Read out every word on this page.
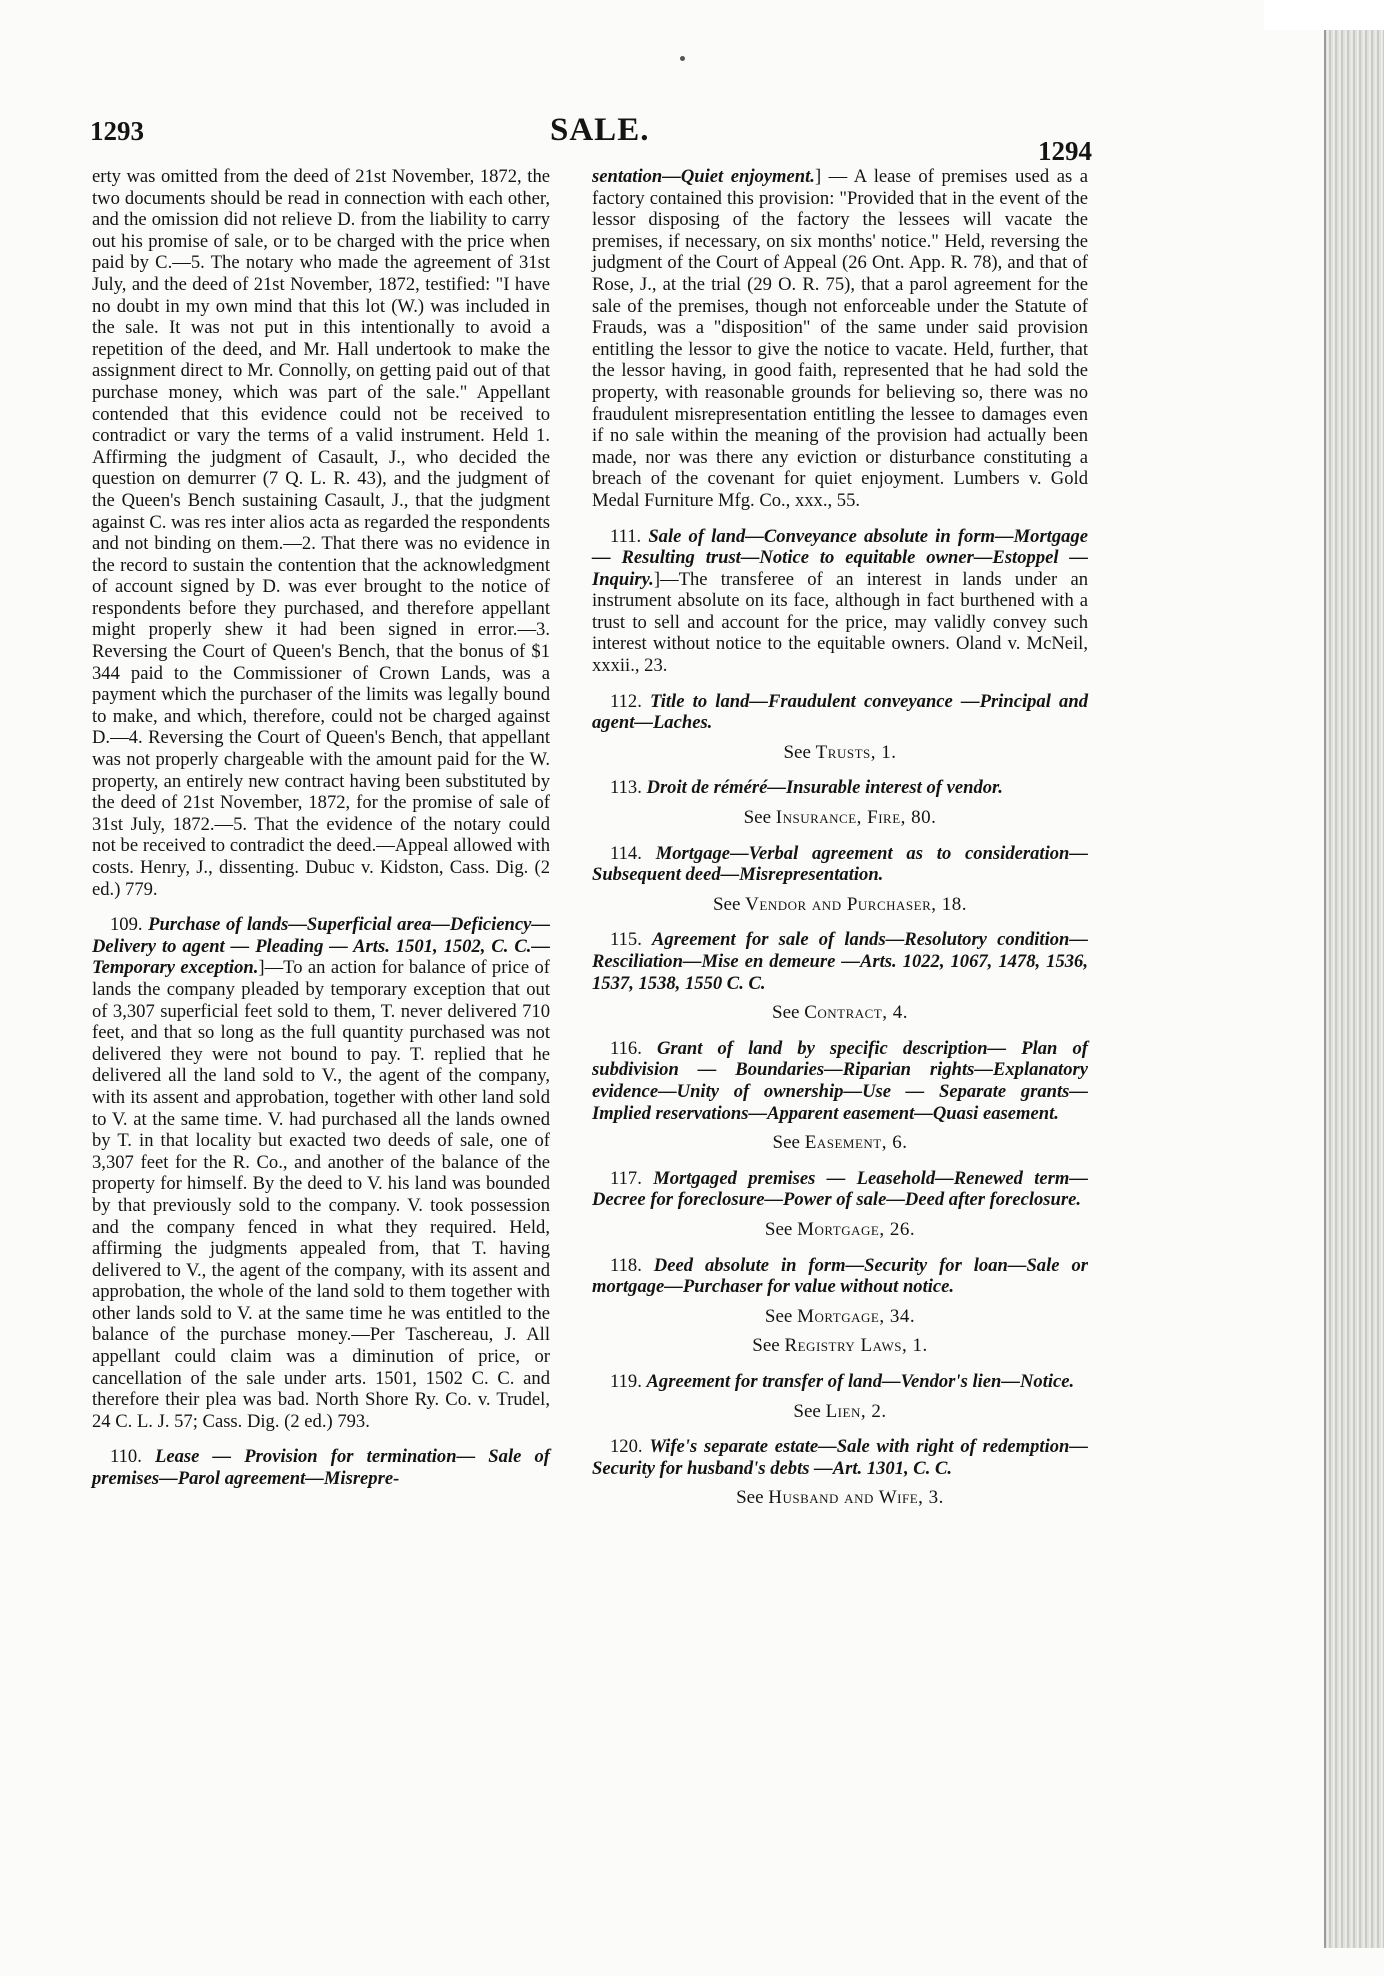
1293	SALE.
1294

erty was omitted from the deed of 21st November, 1872, the two documents should be read in connection with each other, and the omission did not relieve D. from the liability to carry out his promise of sale, or to be charged with the price when paid by C.—5. The notary who made the agreement of 31st July, and the deed of 21st November, 1872, testified: "I have no doubt in my own mind that this lot (W.) was included in the sale. It was not put in this intentionally to avoid a repetition of the deed, and Mr. Hall undertook to make the assignment direct to Mr. Connolly, on getting paid out of that purchase money, which was part of the sale." Appellant contended that this evidence could not be received to contradict or vary the terms of a valid instrument. Held 1. Affirming the judgment of Casault, J., who decided the question on demurrer (7 Q. L. R. 43), and the judgment of the Queen's Bench sustaining Casault, J., that the judgment against C. was res inter alios acta as regarded the respondents and not binding on them.—2. That there was no evidence in the record to sustain the contention that the acknowledgment of account signed by D. was ever brought to the notice of respondents before they purchased, and therefore appellant might properly shew it had been signed in error.—3. Reversing the Court of Queen's Bench, that the bonus of $1 344 paid to the Commissioner of Crown Lands, was a payment which the purchaser of the limits was legally bound to make, and which, therefore, could not be charged against D.—4. Reversing the Court of Queen's Bench, that appellant was not properly chargeable with the amount paid for the W. property, an entirely new contract having been substituted by the deed of 21st November, 1872, for the promise of sale of 31st July, 1872.—5. That the evidence of the notary could not be received to contradict the deed.—Appeal allowed with costs. Henry, J., dissenting. Dubuc v. Kidston, Cass. Dig. (2 ed.) 779.

109. Purchase of lands—Superficial area—Deficiency—Delivery to agent — Pleading — Arts. 1501, 1502, C. C.—Temporary exception.]—To an action for balance of price of lands the company pleaded by temporary exception that out of 3,307 superficial feet sold to them, T. never delivered 710 feet, and that so long as the full quantity purchased was not delivered they were not bound to pay. T. replied that he delivered all the land sold to V., the agent of the company, with its assent and approbation, together with other land sold to V. at the same time. V. had purchased all the lands owned by T. in that locality but exacted two deeds of sale, one of 3,307 feet for the R. Co., and another of the balance of the property for himself. By the deed to V. his land was bounded by that previously sold to the company. V. took possession and the company fenced in what they required. Held, affirming the judgments appealed from, that T. having delivered to V., the agent of the company, with its assent and approbation, the whole of the land sold to them together with other lands sold to V. at the same time he was entitled to the balance of the purchase money.—Per Taschereau, J. All appellant could claim was a diminution of price, or cancellation of the sale under arts. 1501, 1502 C. C. and therefore their plea was bad. North Shore Ry. Co. v. Trudel, 24 C. L. J. 57; Cass. Dig. (2 ed.) 793.

110. Lease — Provision for termination— Sale of premises—Parol agreement—Misrepre-

sentation—Quiet enjoyment.] — A lease of premises used as a factory contained this provision: "Provided that in the event of the lessor disposing of the factory the lessees will vacate the premises, if necessary, on six months' notice." Held, reversing the judgment of the Court of Appeal (26 Ont. App. R. 78), and that of Rose, J., at the trial (29 O. R. 75), that a parol agreement for the sale of the premises, though not enforceable under the Statute of Frauds, was a "disposition" of the same under said provision entitling the lessor to give the notice to vacate. Held, further, that the lessor having, in good faith, represented that he had sold the property, with reasonable grounds for believing so, there was no fraudulent misrepresentation entitling the lessee to damages even if no sale within the meaning of the provision had actually been made, nor was there any eviction or disturbance constituting a breach of the covenant for quiet enjoyment. Lumbers v. Gold Medal Furniture Mfg. Co., xxx., 55.

111. Sale of land—Conveyance absolute in form—Mortgage — Resulting trust—Notice to equitable owner—Estoppel — Inquiry.]—The transferee of an interest in lands under an instrument absolute on its face, although in fact burthened with a trust to sell and account for the price, may validly convey such interest without notice to the equitable owners. Oland v. McNeil, xxxii., 23.

112. Title to land—Fraudulent conveyance —Principal and agent—Laches.

See Trusts, 1.

113. Droit de réméré—Insurable interest of vendor.

See Insurance, Fire, 80.

114. Mortgage—Verbal agreement as to consideration—Subsequent deed—Misrepresentation.

See Vendor and Purchaser, 18.

115. Agreement for sale of lands—Resolutory condition—Resciliation—Mise en demeure —Arts. 1022, 1067, 1478, 1536, 1537, 1538, 1550 C. C.

See Contract, 4.

116. Grant of land by specific description— Plan of subdivision — Boundaries—Riparian rights—Explanatory evidence—Unity of ownership—Use — Separate grants—Implied reservations—Apparent easement—Quasi easement.

See Easement, 6.

117. Mortgaged premises — Leasehold—Renewed term—Decree for foreclosure—Power of sale—Deed after foreclosure.

See Mortgage, 26.

118. Deed absolute in form—Security for loan—Sale or mortgage—Purchaser for value without notice.

See Mortgage, 34.

See Registry Laws, 1.

119. Agreement for transfer of land—Vendor's lien—Notice.

See Lien, 2.

120. Wife's separate estate—Sale with right of redemption—Security for husband's debts —Art. 1301, C. C.

See Husband and Wife, 3.
